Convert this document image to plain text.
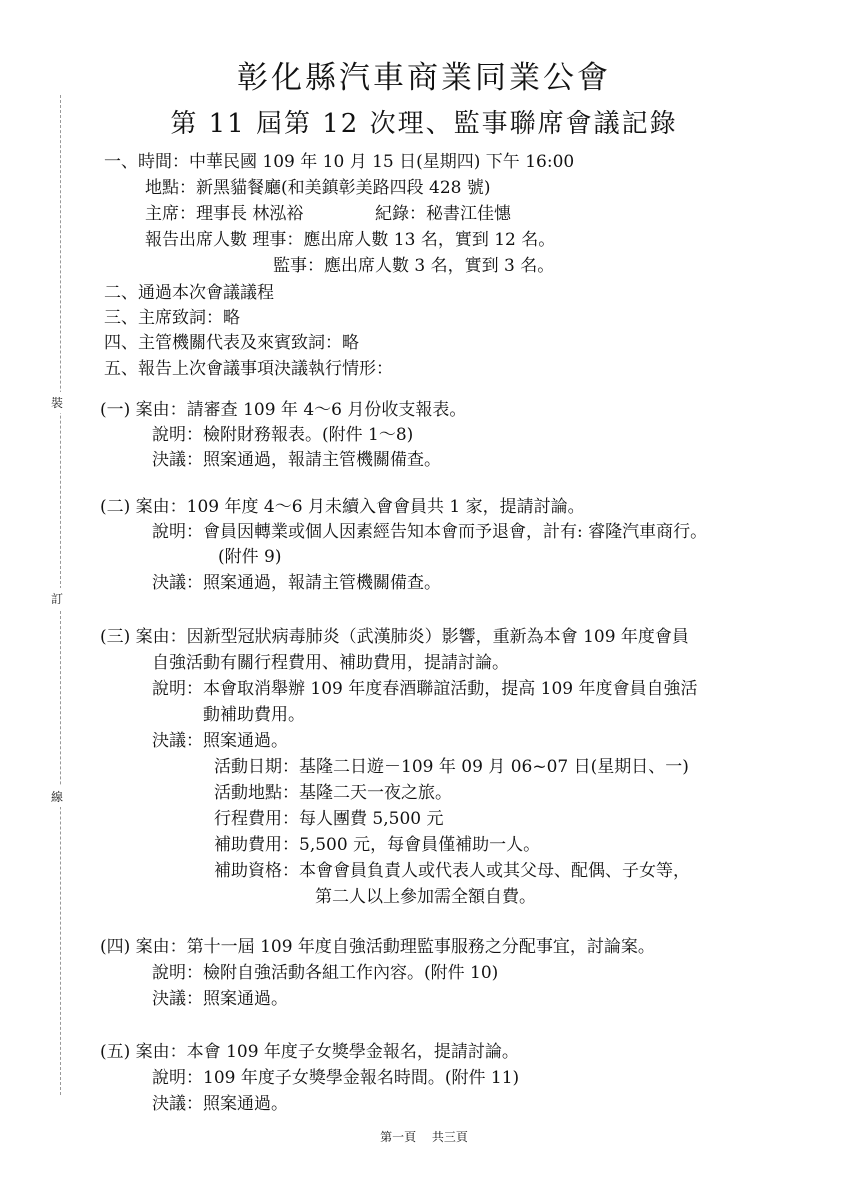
裝
訂
線
彰化縣汽車商業同業公會
第 11 屆第 12 次理、監事聯席會議記錄
一、時間：中華民國 109 年 10 月 15 日(星期四) 下午 16:00
地點：新黑貓餐廳(和美鎮彰美路四段 428 號)
主席：理事長 林泓裕	紀錄：秘書江佳憓
報告出席人數 理事：應出席人數 13 名，實到 12 名。
監事：應出席人數 3 名，實到 3 名。
二、通過本次會議議程
三、主席致詞：略
四、主管機關代表及來賓致詞：略
五、報告上次會議事項決議執行情形：
(一) 案由：請審查 109 年 4～6 月份收支報表。
說明：檢附財務報表。(附件 1～8)
決議：照案通過，報請主管機關備查。
(二) 案由：109 年度 4～6 月未續入會會員共 1 家，提請討論。
說明：會員因轉業或個人因素經告知本會而予退會，計有: 睿隆汽車商行。
(附件 9)
決議：照案通過，報請主管機關備查。
(三) 案由：因新型冠狀病毒肺炎（武漢肺炎）影響，重新為本會 109 年度會員
自強活動有關行程費用、補助費用，提請討論。
說明：本會取消舉辦 109 年度春酒聯誼活動，提高 109 年度會員自強活
動補助費用。
決議：照案通過。
活動日期：基隆二日遊－109 年 09 月 06~07 日(星期日、一)
活動地點：基隆二天一夜之旅。
行程費用：每人團費 5,500 元
補助費用：5,500 元，每會員僅補助一人。
補助資格：本會會員負責人或代表人或其父母、配偶、子女等，
第二人以上參加需全額自費。
(四) 案由：第十一屆 109 年度自強活動理監事服務之分配事宜，討論案。
說明：檢附自強活動各組工作內容。(附件 10)
決議：照案通過。
(五) 案由：本會 109 年度子女獎學金報名，提請討論。
說明：109 年度子女獎學金報名時間。(附件 11)
決議：照案通過。
第一頁 共三頁
